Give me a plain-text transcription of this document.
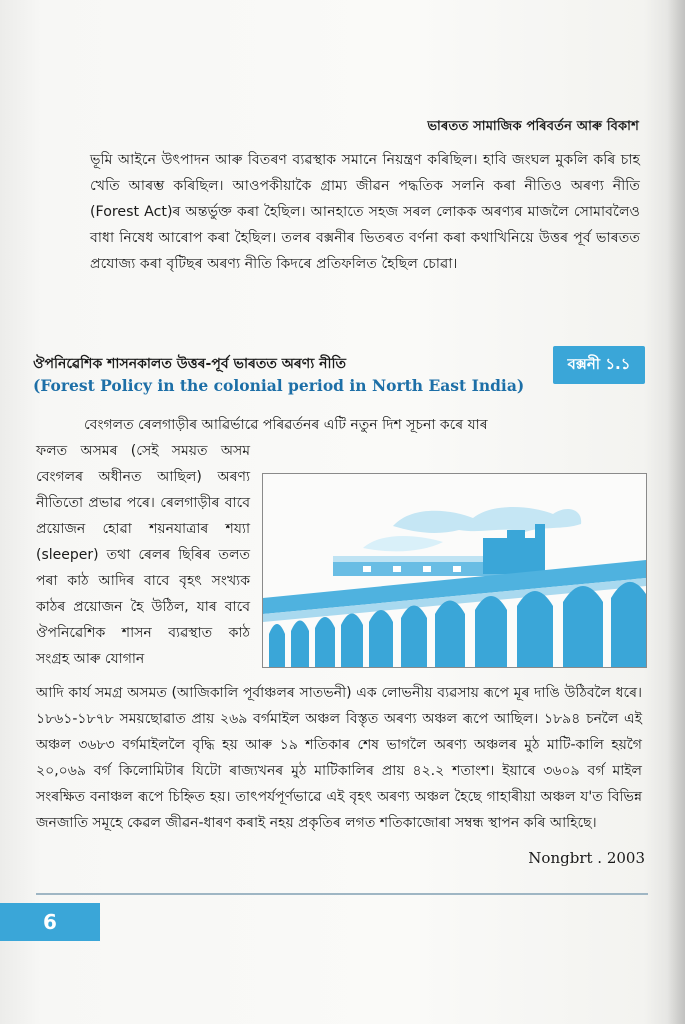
ভাৰতত সামাজিক পৰিবৰ্তন আৰু বিকাশ
ভূমি আইনে উৎপাদন আৰু বিতৰণ ব্যৱস্থাক সমানে নিয়ন্ত্ৰণ কৰিছিল। হাবি জংঘল মুকলি কৰি চাহ খেতি আৰম্ভ কৰিছিল। আওপকীয়াকৈ গ্ৰাম্য জীৱন পদ্ধতিক সলনি কৰা নীতিও অৰণ্য নীতি (Forest Act)ৰ অন্তৰ্ভুক্ত কৰা হৈছিল। আনহাতে সহজ সৰল লোকক অৰণ্যৰ মাজলৈ সোমাবলৈও বাধা নিষেধ আৰোপ কৰা হৈছিল। তলৰ বক্সনীৰ ভিতৰত বৰ্ণনা কৰা কথাখিনিয়ে উত্তৰ পূৰ্ব ভাৰতত প্ৰযোজ্য কৰা বৃটিছৰ অৰণ্য নীতি কিদৰে প্ৰতিফলিত হৈছিল চোৱা।
ঔপনিৱেশিক শাসনকালত উত্তৰ-পূৰ্ব ভাৰতত অৰণ্য নীতি
(Forest Policy in the colonial period in North East India)
বক্সনী ১.১
বেংগলত ৰেলগাড়ীৰ আৱিৰ্ভাৱে পৰিৱৰ্তনৰ এটি নতুন দিশ সূচনা কৰে যাৰ
ফলত অসমৰ (সেই সময়ত অসম বেংগলৰ অধীনত আছিল) অৰণ্য নীতিতো প্ৰভাৱ পৰে। ৰেলগাড়ীৰ বাবে প্ৰয়োজন হোৱা শয়নযাত্ৰাৰ শয্যা (sleeper) তথা ৰেলৰ ছিৰিৰ তলত পৰা কাঠ আদিৰ বাবে বৃহৎ সংখ্যক কাঠৰ প্ৰয়োজন হৈ উঠিল, যাৰ বাবে ঔপনিৱেশিক শাসন ব্যৱস্থাত কাঠ সংগ্ৰহ আৰু যোগান
আদি কাৰ্য সমগ্ৰ অসমত (আজিকালি পূৰ্বাঞ্চলৰ সাতভনী) এক লোভনীয় ব্যৱসায় ৰূপে মূৰ দাঙি উঠিবলৈ ধৰে। ১৮৬১-১৮৭৮ সময়ছোৱাত প্ৰায় ২৬৯ বৰ্গমাইল অঞ্চল বিস্তৃত অৰণ্য অঞ্চল ৰূপে আছিল। ১৮৯৪ চনলৈ এই অঞ্চল ৩৬৮৩ বৰ্গমাইললৈ বৃদ্ধি হয় আৰু ১৯ শতিকাৰ শেষ ভাগলৈ অৰণ্য অঞ্চলৰ মুঠ মাটি-কালি হয়গৈ ২০,০৬৯ বৰ্গ কিলোমিটাৰ যিটো ৰাজ্যখনৰ মুঠ মাটিকালিৰ প্ৰায় ৪২.২ শতাংশ। ইয়াৰে ৩৬০৯ বৰ্গ মাইল সংৰক্ষিত বনাঞ্চল ৰূপে চিহ্নিত হয়। তাৎপৰ্যপূৰ্ণভাৱে এই বৃহৎ অৰণ্য অঞ্চল হৈছে গাহাৰীয়া অঞ্চল য'ত বিভিন্ন জনজাতি সমূহে কেৱল জীৱন-ধাৰণ কৰাই নহয় প্ৰকৃতিৰ লগত শতিকাজোৰা সম্বন্ধ স্থাপন কৰি আহিছে।
Nongbrt . 2003
6
